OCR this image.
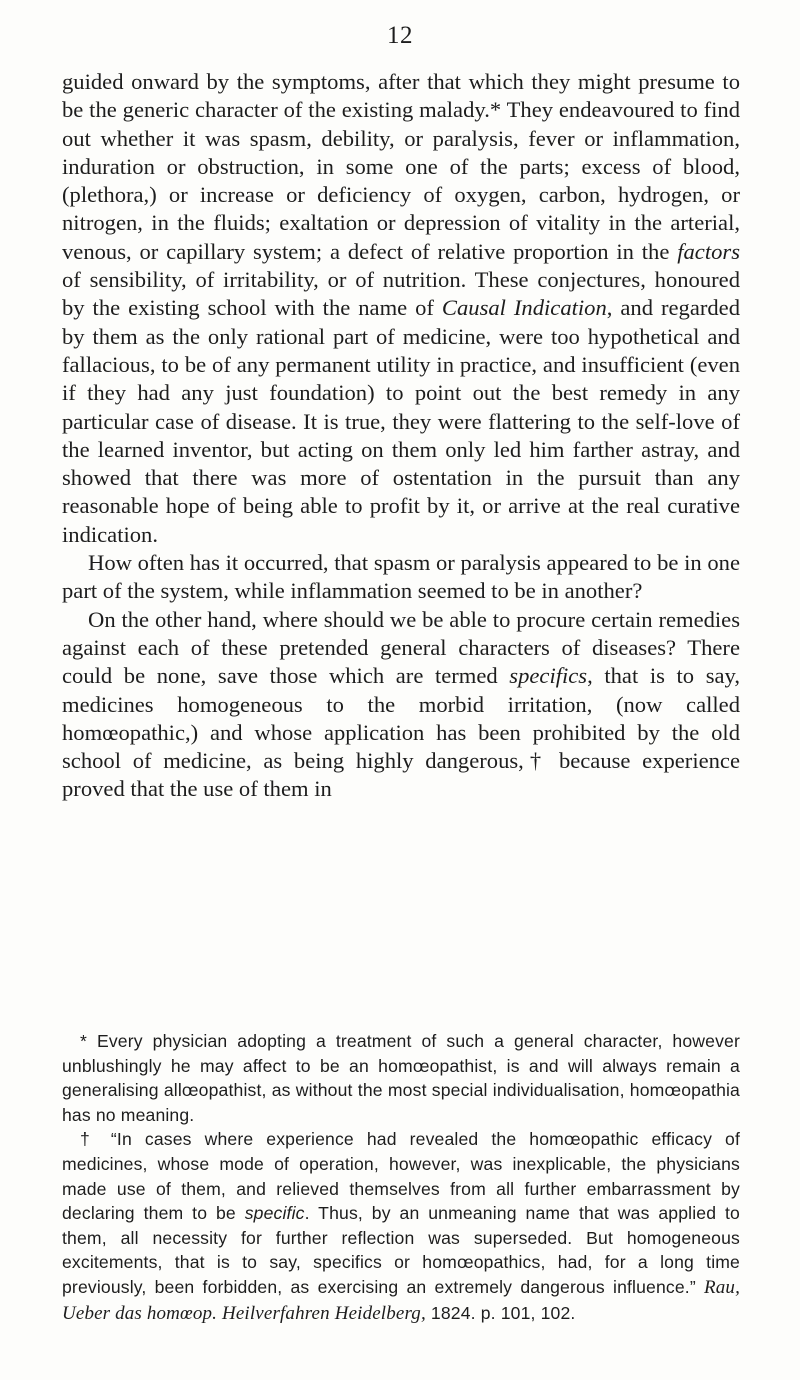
12

guided onward by the symptoms, after that which they might presume to be the generic character of the existing malady.* They endeavoured to find out whether it was spasm, debility, or paralysis, fever or inflammation, induration or obstruction, in some one of the parts; excess of blood, (plethora,) or increase or deficiency of oxygen, carbon, hydrogen, or nitrogen, in the fluids; exaltation or depression of vitality in the arterial, venous, or capillary system; a defect of relative proportion in the factors of sensibility, of irritability, or of nutrition. These conjectures, honoured by the existing school with the name of Causal Indication, and regarded by them as the only rational part of medicine, were too hypothetical and fallacious, to be of any permanent utility in practice, and insufficient (even if they had any just foundation) to point out the best remedy in any particular case of disease. It is true, they were flattering to the self-love of the learned inventor, but acting on them only led him farther astray, and showed that there was more of ostentation in the pursuit than any reasonable hope of being able to profit by it, or arrive at the real curative indication.

How often has it occurred, that spasm or paralysis appeared to be in one part of the system, while inflammation seemed to be in another?

On the other hand, where should we be able to procure certain remedies against each of these pretended general characters of diseases? There could be none, save those which are termed specifics, that is to say, medicines homogeneous to the morbid irritation, (now called homœopathic,) and whose application has been prohibited by the old school of medicine, as being highly dangerous,† because experience proved that the use of them in

* Every physician adopting a treatment of such a general character, however unblushingly he may affect to be an homœopathist, is and will always remain a generalising allœopathist, as without the most special individualisation, homœopathia has no meaning.

† “In cases where experience had revealed the homœopathic efficacy of medicines, whose mode of operation, however, was inexplicable, the physicians made use of them, and relieved themselves from all further embarrassment by declaring them to be specific. Thus, by an unmeaning name that was applied to them, all necessity for further reflection was superseded. But homogeneous excitements, that is to say, specifics or homœopathics, had, for a long time previously, been forbidden, as exercising an extremely dangerous influence.” Rau, Ueber das homœop. Heilverfahren Heidelberg, 1824. p. 101, 102.
